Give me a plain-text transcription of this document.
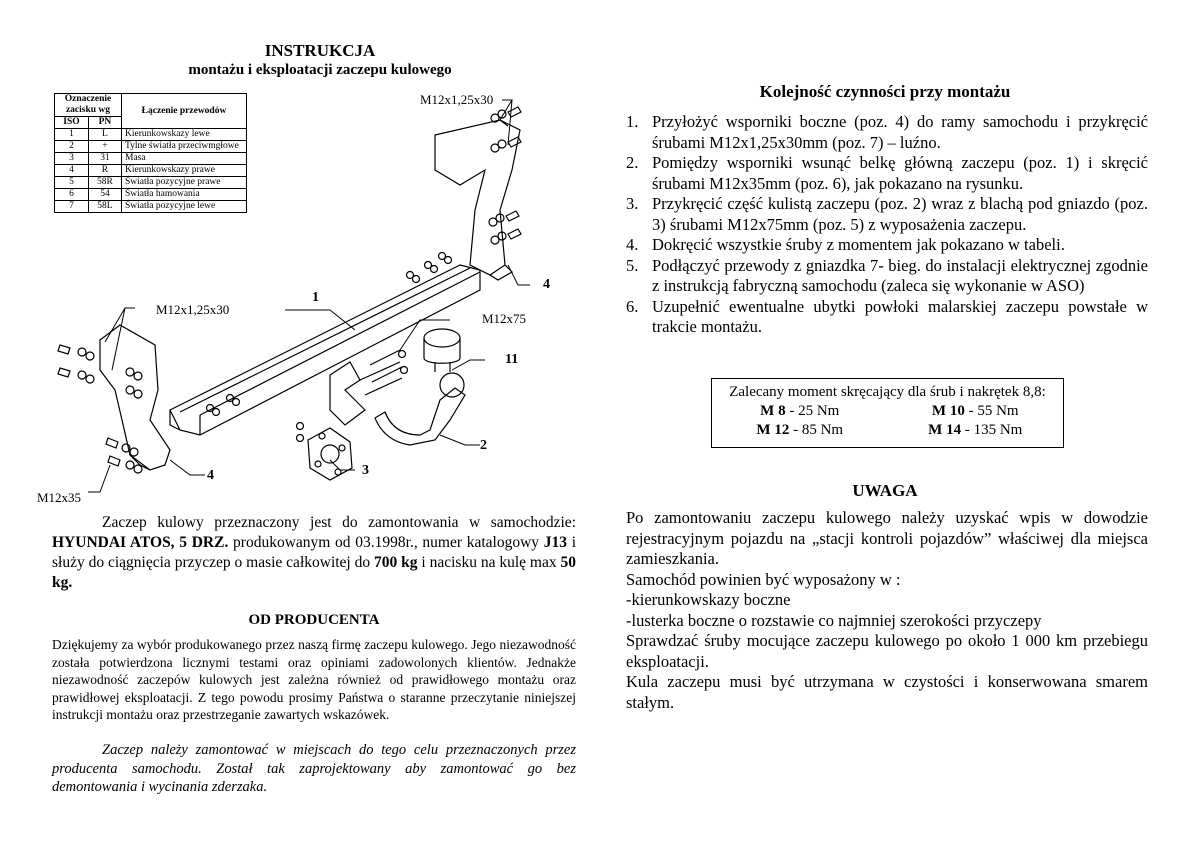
INSTRUKCJA
montażu i eksploatacji zaczepu kulowego
Oznaczenie zacisku wg		Łączenie przewodów
ISO	PN	
1	L	Kierunkowskazy lewe
2	+	Tylne światła przeciwmgłowe
3	31	Masa
4	R	Kierunkowskazy prawe
5	58R	Światła pozycyjne prawe
6	54	Światła hamowania
7	58L	Światła pozycyjne lewe
M12x1,25x30
M12x1,25x30
M12x75
M12x35
1
2
3
4
4
11
Zaczep kulowy przeznaczony jest do zamontowania w samochodzie: HYUNDAI ATOS, 5 DRZ. produkowanym od 03.1998r., numer katalogowy J13 i służy do ciągnięcia przyczep o masie całkowitej do 700 kg i nacisku na kulę max 50 kg.
OD PRODUCENTA
Dziękujemy za wybór produkowanego przez naszą firmę zaczepu kulowego. Jego niezawodność została potwierdzona licznymi testami oraz opiniami zadowolonych klientów. Jednakże niezawodność zaczepów kulowych jest zależna również od prawidłowego montażu oraz prawidłowej eksploatacji. Z tego powodu prosimy Państwa o staranne przeczytanie niniejszej instrukcji montażu oraz przestrzeganie zawartych wskazówek.
Zaczep należy zamontować w miejscach do tego celu przeznaczonych przez producenta samochodu. Został tak zaprojektowany aby zamontować go bez demontowania i wycinania zderzaka.
Kolejność czynności przy montażu
1. Przyłożyć wsporniki boczne (poz. 4) do ramy samochodu i przykręcić śrubami M12x1,25x30mm (poz. 7) – luźno.
2. Pomiędzy wsporniki wsunąć belkę główną zaczepu (poz. 1) i skręcić śrubami M12x35mm (poz. 6), jak pokazano na rysunku.
3. Przykręcić część kulistą zaczepu (poz. 2) wraz z blachą pod gniazdo (poz. 3) śrubami M12x75mm (poz. 5) z wyposażenia zaczepu.
4. Dokręcić wszystkie śruby z momentem jak pokazano w tabeli.
5. Podłączyć przewody z gniazdka 7- bieg. do instalacji elektrycznej zgodnie z instrukcją fabryczną samochodu (zaleca się wykonanie w ASO)
6. Uzupełnić ewentualne ubytki powłoki malarskiej zaczepu powstałe w trakcie montażu.
Zalecany moment skręcający dla śrub i nakrętek 8,8:
M 8 - 25 Nm	M 10 - 55 Nm
M 12 - 85 Nm	M 14 - 135 Nm
UWAGA

Po zamontowaniu zaczepu kulowego należy uzyskać wpis w dowodzie rejestracyjnym pojazdu na „stacji kontroli pojazdów” właściwej dla miejsca zamieszkania.

Samochód powinien być wyposażony w :

-kierunkowskazy boczne

-lusterka boczne o rozstawie co najmniej szerokości przyczepy

Sprawdzać śruby mocujące zaczepu kulowego po około 1 000 km przebiegu eksploatacji.

Kula zaczepu musi być utrzymana w czystości i konserwowana smarem stałym.
